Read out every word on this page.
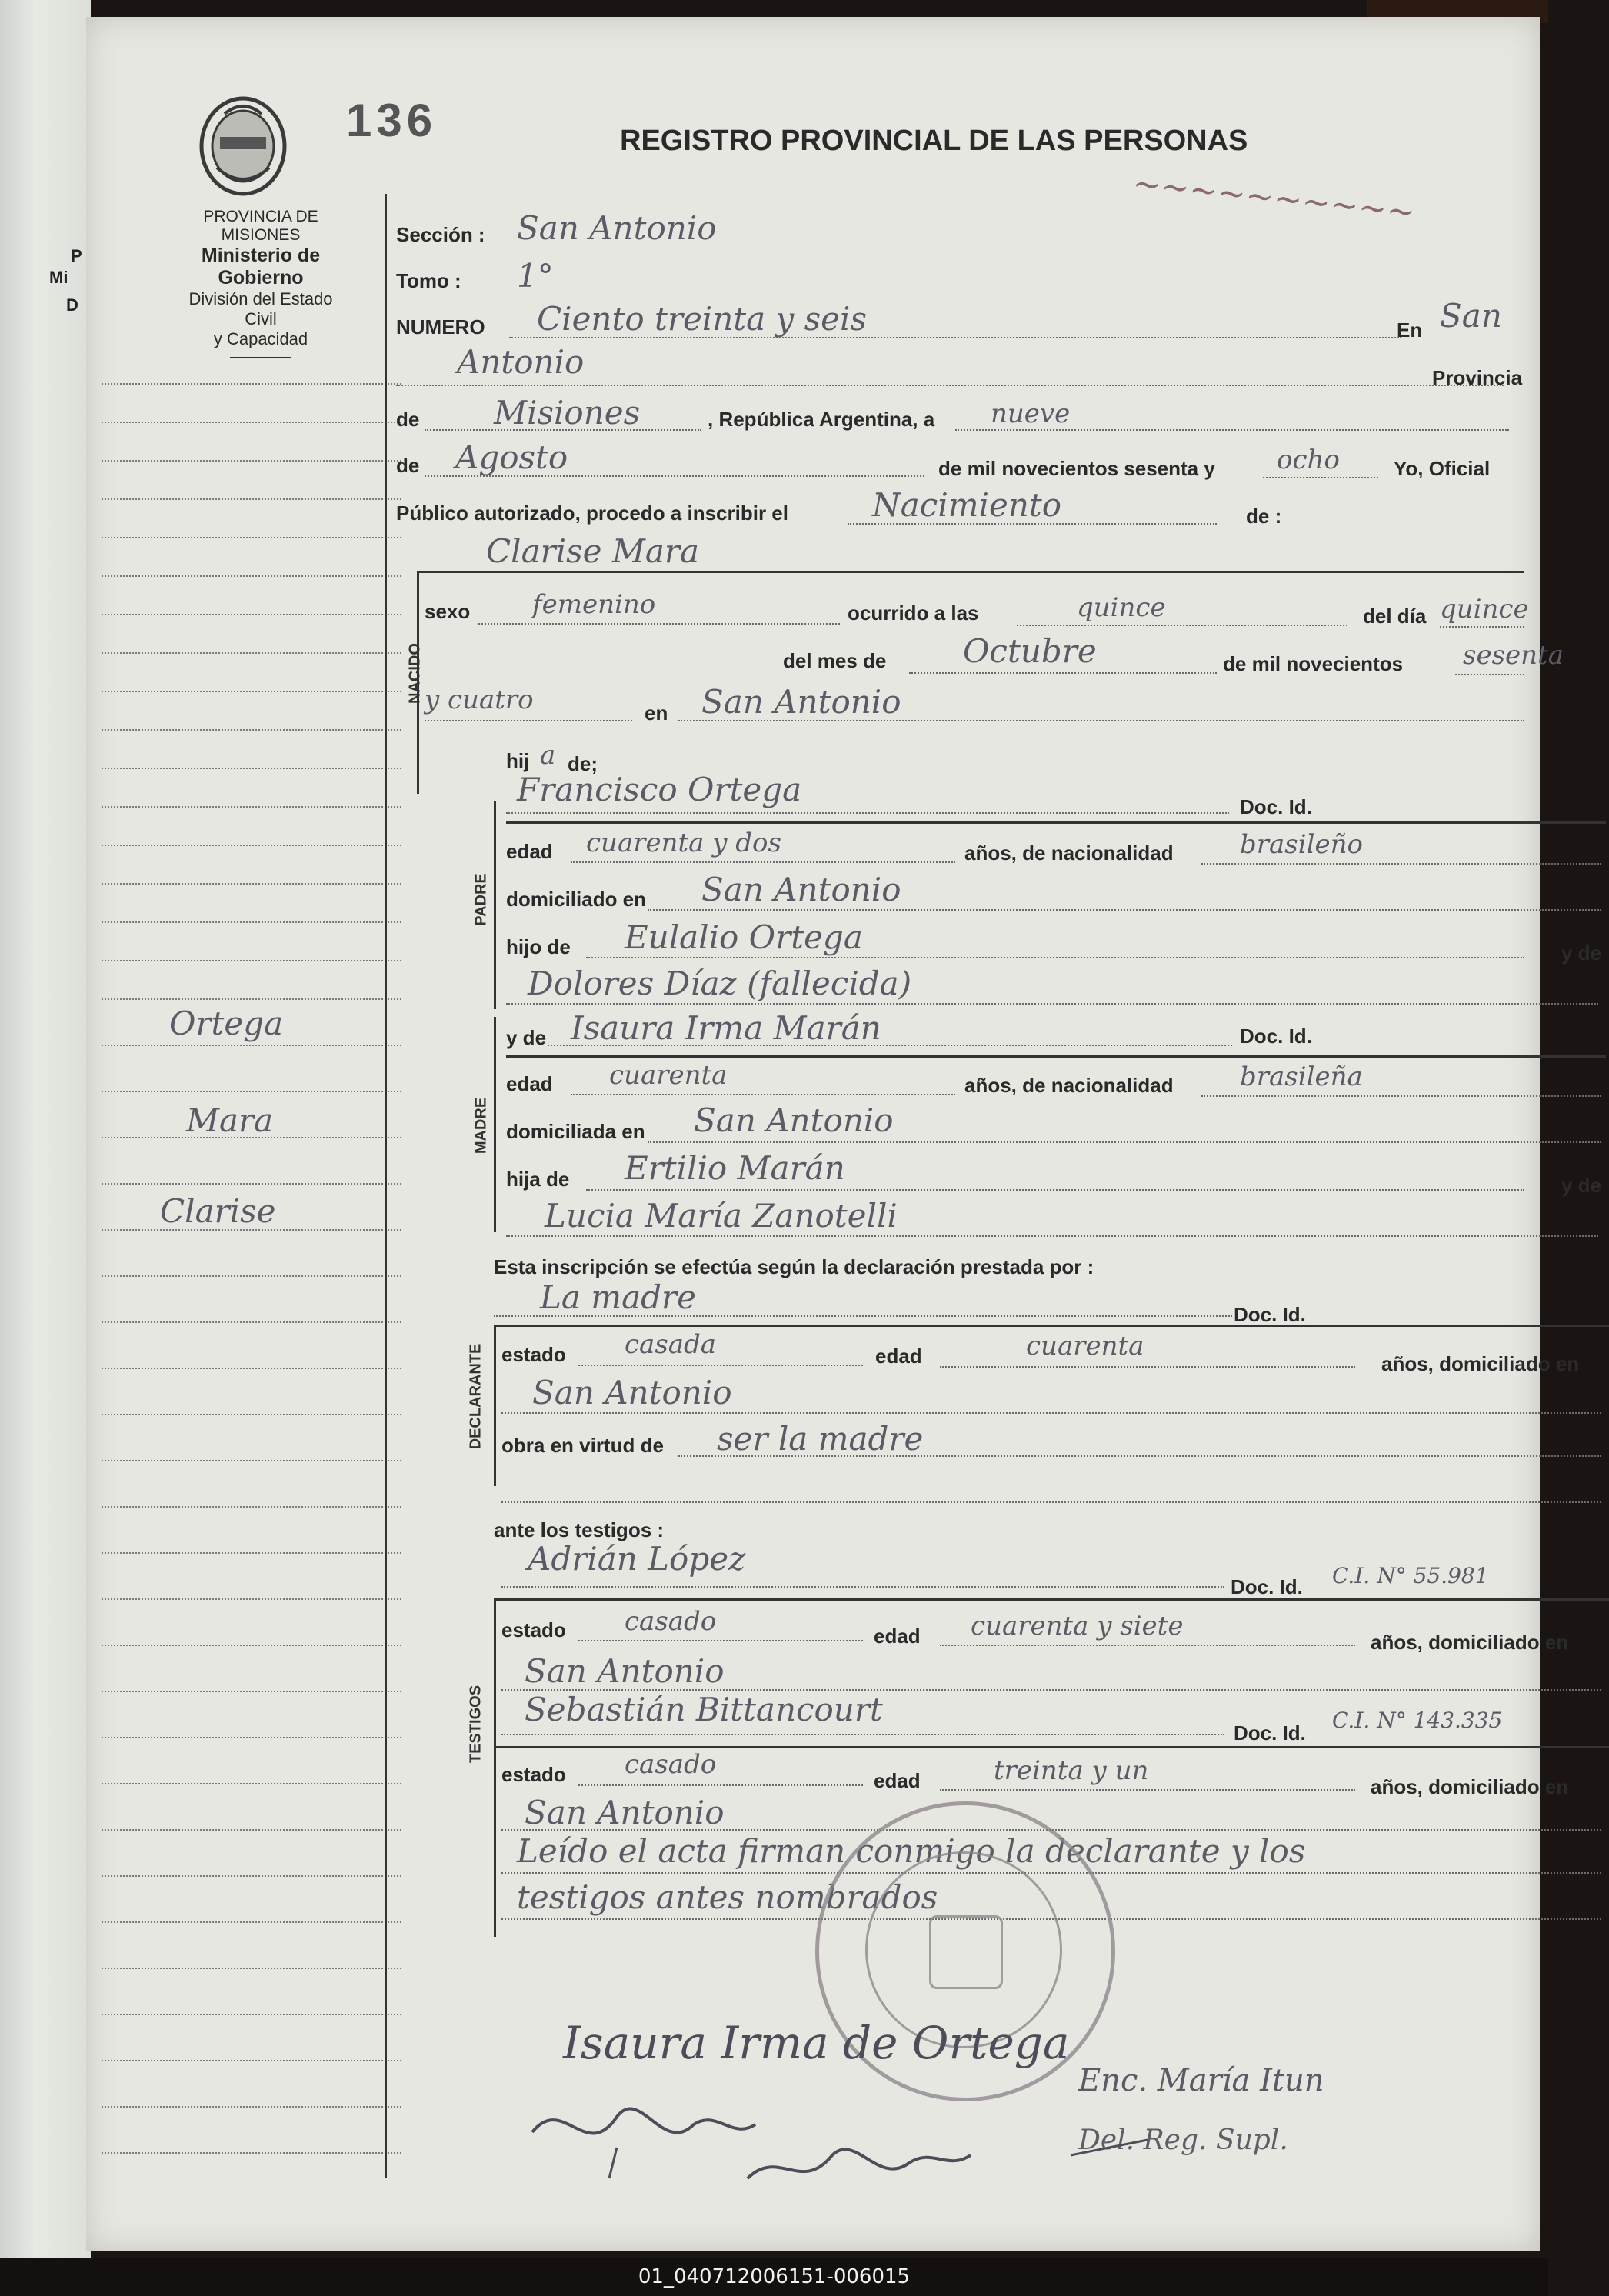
P
Mi
D
PROVINCIA DE MISIONES
Ministerio de Gobierno
División del Estado Civil
y Capacidad
136	REGISTRO PROVINCIAL DE LAS PERSONAS
~~~~~~~~~~
Ortega
Mara
Clarise
Sección : San Antonio
Tomo : 1°
NUMERO Ciento treinta y seis	En San
Antonio	Provincia
de Misiones	, República Argentina, a nueve
de Agosto	de mil novecientos sesenta y ocho	Yo, Oficial
Público autorizado, procedo a inscribir el	Nacimiento	de :
Clarise Mara
NACIDO
sexo femenino	ocurrido a las	quince	del día quince
del mes de Octubre	de mil novecientos sesenta
y cuatro	en San Antonio
hij a de;
Francisco Ortega	Doc. Id.
PADRE
edad cuarenta y dos	años, de nacionalidad	brasileño
domiciliado en San Antonio
hijo de Eulalio Ortega	y de
Dolores Díaz (fallecida)
y de Isaura Irma Marán	Doc. Id.
MADRE
edad cuarenta	años, de nacionalidad	brasileña
domiciliada en San Antonio
hija de Ertilio Marán	y de
Lucia María Zanotelli
Esta inscripción se efectúa según la declaración prestada por :
La madre	Doc. Id.
DECLARANTE estado casada	edad	cuarenta
años, domiciliado en
San Antonio
obra en virtud de ser la madre
ante los testigos :
Adrián López
Doc. Id. C.I. N° 55.981
TESTIGOS
estado casado	edad cuarenta y siete
años, domiciliado en
San Antonio
Sebastián Bittancourt
Doc. Id. C.I. N° 143.335
estado casado
edad	treinta y un
años, domiciliado en
San Antonio
Leído el acta firman conmigo la declarante y los
testigos antes nombrados
Isaura Irma de Ortega
Enc. María Itun
Del. Reg. Supl.
01_040712006151-006015
